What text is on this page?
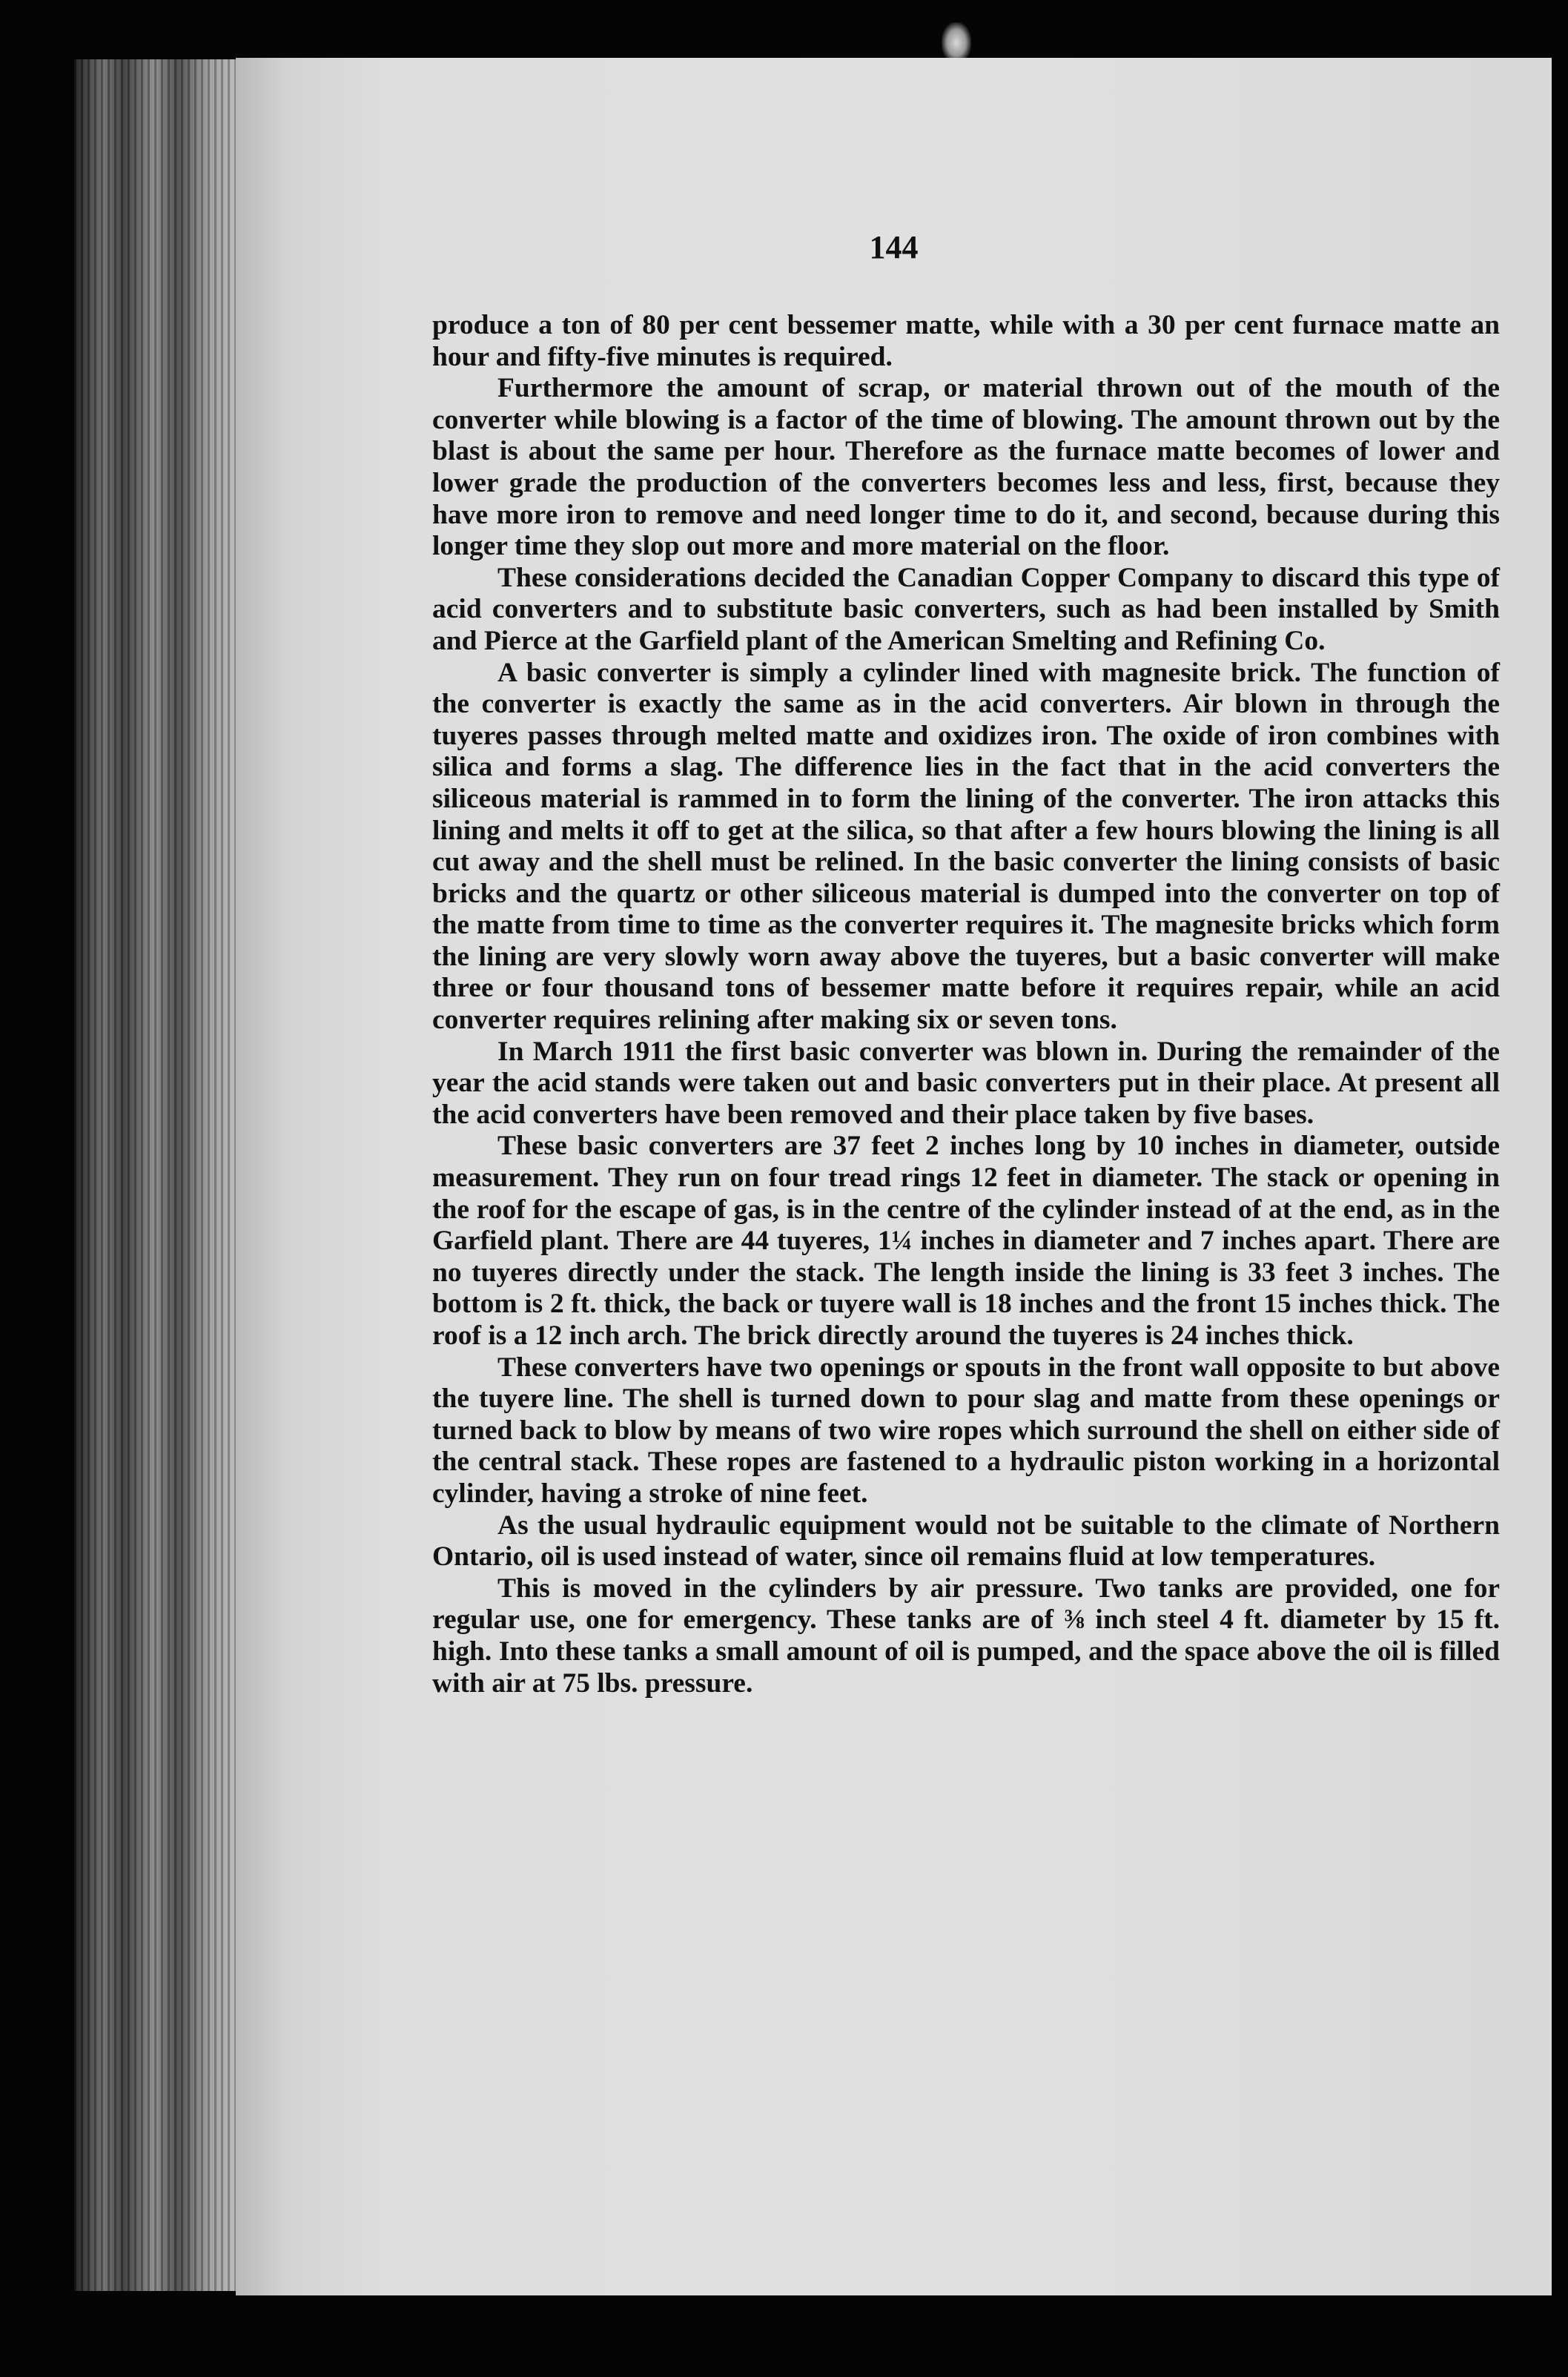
144

produce a ton of 80 per cent bessemer matte, while with a 30 per cent furnace matte an hour and fifty-five minutes is required.

Furthermore the amount of scrap, or material thrown out of the mouth of the converter while blowing is a factor of the time of blowing. The amount thrown out by the blast is about the same per hour. Therefore as the furnace matte becomes of lower and lower grade the production of the converters becomes less and less, first, because they have more iron to remove and need longer time to do it, and second, because during this longer time they slop out more and more material on the floor.

These considerations decided the Canadian Copper Company to discard this type of acid converters and to substitute basic converters, such as had been installed by Smith and Pierce at the Garfield plant of the American Smelting and Refining Co.

A basic converter is simply a cylinder lined with magnesite brick. The function of the converter is exactly the same as in the acid converters. Air blown in through the tuyeres passes through melted matte and oxidizes iron. The oxide of iron combines with silica and forms a slag. The difference lies in the fact that in the acid converters the siliceous material is rammed in to form the lining of the converter. The iron attacks this lining and melts it off to get at the silica, so that after a few hours blowing the lining is all cut away and the shell must be relined. In the basic converter the lining consists of basic bricks and the quartz or other siliceous material is dumped into the converter on top of the matte from time to time as the converter requires it. The magnesite bricks which form the lining are very slowly worn away above the tuyeres, but a basic converter will make three or four thousand tons of bessemer matte before it requires repair, while an acid converter requires relining after making six or seven tons.

In March 1911 the first basic converter was blown in. During the remainder of the year the acid stands were taken out and basic converters put in their place. At present all the acid converters have been removed and their place taken by five bases.

These basic converters are 37 feet 2 inches long by 10 inches in diameter, outside measurement. They run on four tread rings 12 feet in diameter. The stack or opening in the roof for the escape of gas, is in the centre of the cylinder instead of at the end, as in the Garfield plant. There are 44 tuyeres, 1¼ inches in diameter and 7 inches apart. There are no tuyeres directly under the stack. The length inside the lining is 33 feet 3 inches. The bottom is 2 ft. thick, the back or tuyere wall is 18 inches and the front 15 inches thick. The roof is a 12 inch arch. The brick directly around the tuyeres is 24 inches thick.

These converters have two openings or spouts in the front wall opposite to but above the tuyere line. The shell is turned down to pour slag and matte from these openings or turned back to blow by means of two wire ropes which surround the shell on either side of the central stack. These ropes are fastened to a hydraulic piston working in a horizontal cylinder, having a stroke of nine feet.

As the usual hydraulic equipment would not be suitable to the climate of Northern Ontario, oil is used instead of water, since oil remains fluid at low temperatures.

This is moved in the cylinders by air pressure. Two tanks are provided, one for regular use, one for emergency. These tanks are of ⅜ inch steel 4 ft. diameter by 15 ft. high. Into these tanks a small amount of oil is pumped, and the space above the oil is filled with air at 75 lbs. pressure.
